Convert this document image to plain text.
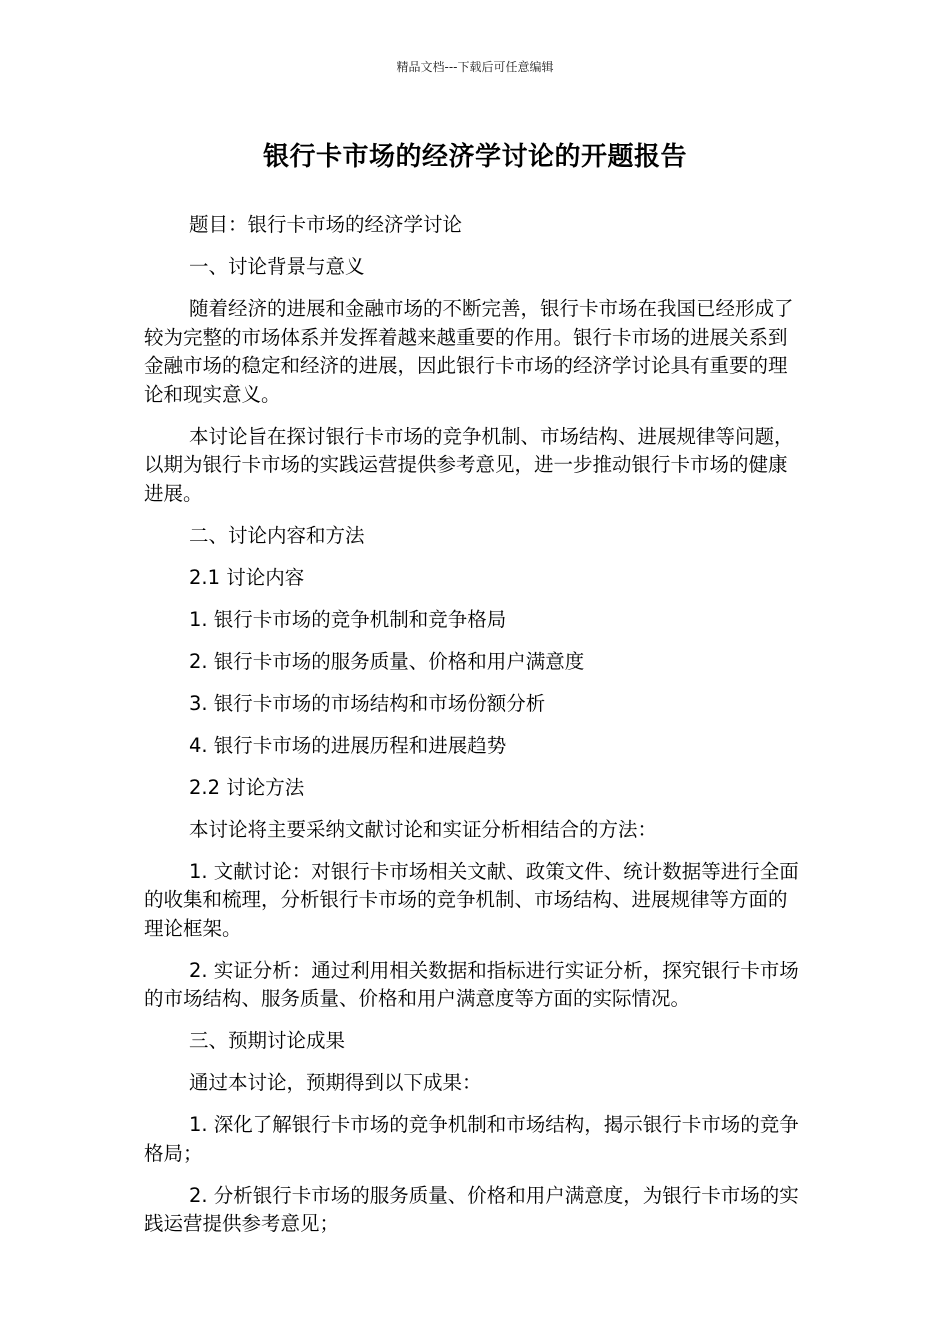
精品文档---下载后可任意编辑
银行卡市场的经济学讨论的开题报告

题目：银行卡市场的经济学讨论

一、讨论背景与意义

随着经济的进展和金融市场的不断完善，银行卡市场在我国已经形成了较为完整的市场体系并发挥着越来越重要的作用。银行卡市场的进展关系到金融市场的稳定和经济的进展，因此银行卡市场的经济学讨论具有重要的理论和现实意义。

本讨论旨在探讨银行卡市场的竞争机制、市场结构、进展规律等问题，以期为银行卡市场的实践运营提供参考意见，进一步推动银行卡市场的健康进展。

二、讨论内容和方法

2.1 讨论内容

1. 银行卡市场的竞争机制和竞争格局

2. 银行卡市场的服务质量、价格和用户满意度

3. 银行卡市场的市场结构和市场份额分析

4. 银行卡市场的进展历程和进展趋势

2.2 讨论方法

本讨论将主要采纳文献讨论和实证分析相结合的方法：

1. 文献讨论：对银行卡市场相关文献、政策文件、统计数据等进行全面的收集和梳理，分析银行卡市场的竞争机制、市场结构、进展规律等方面的理论框架。

2. 实证分析：通过利用相关数据和指标进行实证分析，探究银行卡市场的市场结构、服务质量、价格和用户满意度等方面的实际情况。

三、预期讨论成果

通过本讨论，预期得到以下成果：

1. 深化了解银行卡市场的竞争机制和市场结构，揭示银行卡市场的竞争格局；

2. 分析银行卡市场的服务质量、价格和用户满意度，为银行卡市场的实践运营提供参考意见；
